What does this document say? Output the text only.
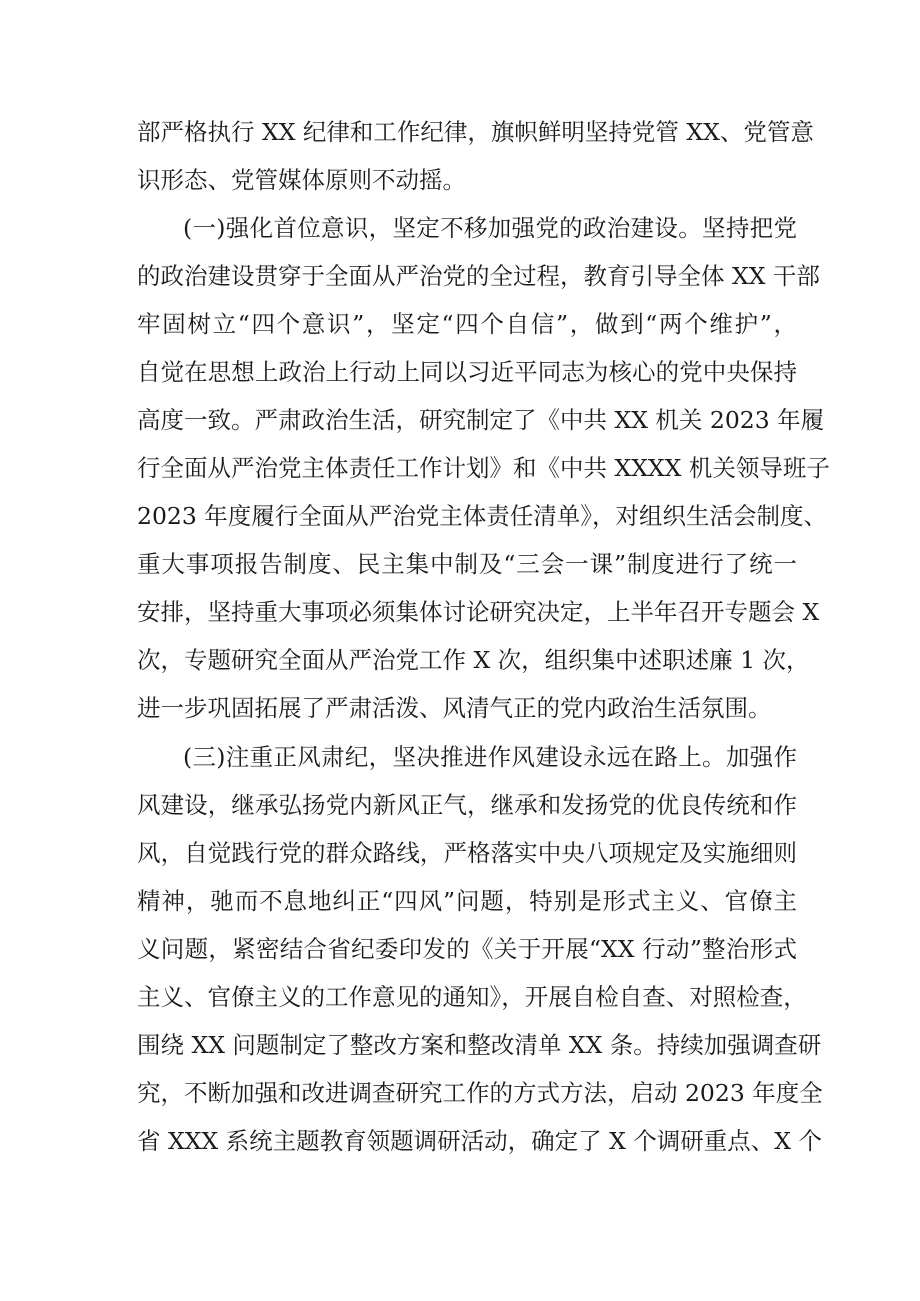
部严格执行 XX 纪律和工作纪律，旗帜鲜明坚持党管 XX、党管意
识形态、党管媒体原则不动摇。
(一)强化首位意识，坚定不移加强党的政治建设。坚持把党
的政治建设贯穿于全面从严治党的全过程，教育引导全体 XX 干部
牢固树立“四个意识”，坚定“四个自信”，做到“两个维护”，
自觉在思想上政治上行动上同以习近平同志为核心的党中央保持
高度一致。严肃政治生活，研究制定了《中共 XX 机关 2023 年履
行全面从严治党主体责任工作计划》和《中共 XXXX 机关领导班子
2023 年度履行全面从严治党主体责任清单》，对组织生活会制度、
重大事项报告制度、民主集中制及“三会一课”制度进行了统一
安排，坚持重大事项必须集体讨论研究决定，上半年召开专题会 X
次，专题研究全面从严治党工作 X 次，组织集中述职述廉 1 次，
进一步巩固拓展了严肃活泼、风清气正的党内政治生活氛围。
(三)注重正风肃纪，坚决推进作风建设永远在路上。加强作
风建设，继承弘扬党内新风正气，继承和发扬党的优良传统和作
风，自觉践行党的群众路线，严格落实中央八项规定及实施细则
精神，驰而不息地纠正“四风”问题，特别是形式主义、官僚主
义问题，紧密结合省纪委印发的《关于开展“XX 行动”整治形式
主义、官僚主义的工作意见的通知》，开展自检自查、对照检查，
围绕 XX 问题制定了整改方案和整改清单 XX 条。持续加强调查研
究，不断加强和改进调查研究工作的方式方法，启动 2023 年度全
省 XXX 系统主题教育领题调研活动，确定了 X 个调研重点、X 个
